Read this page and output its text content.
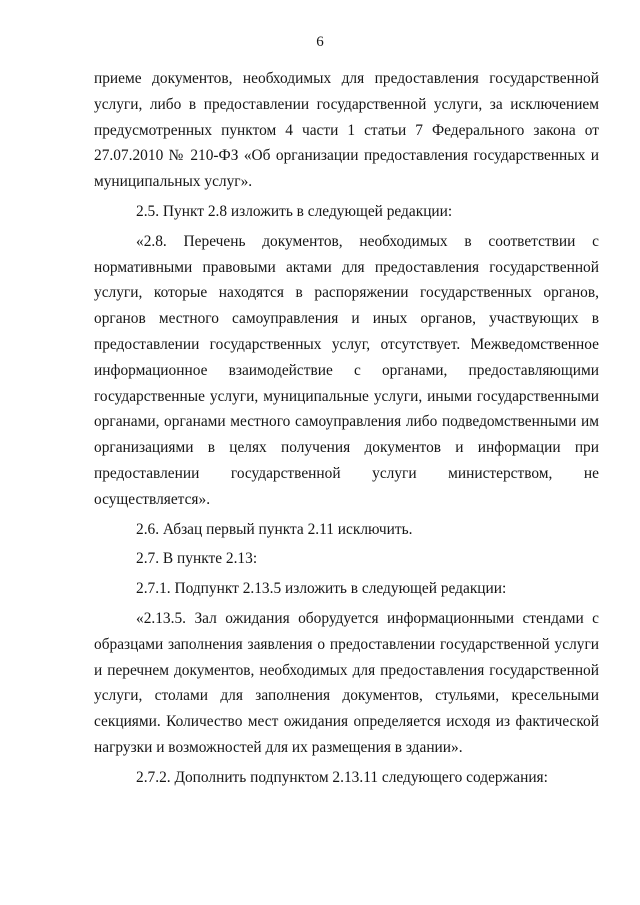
6

приеме документов, необходимых для предоставления государственной услуги, либо в предоставлении государственной услуги, за исключением предусмотренных пунктом 4 части 1 статьи 7 Федерального закона от 27.07.2010 № 210-ФЗ «Об организации предоставления государственных и муниципальных услуг».

2.5. Пункт 2.8 изложить в следующей редакции:

«2.8. Перечень документов, необходимых в соответствии с нормативными правовыми актами для предоставления государственной услуги, которые находятся в распоряжении государственных органов, органов местного самоуправления и иных органов, участвующих в предоставлении государственных услуг, отсутствует. Межведомственное информационное взаимодействие с органами, предоставляющими государственные услуги, муниципальные услуги, иными государственными органами, органами местного самоуправления либо подведомственными им организациями в целях получения документов и информации при предоставлении государственной услуги министерством, не осуществляется».

2.6. Абзац первый пункта 2.11 исключить.

2.7. В пункте 2.13:

2.7.1. Подпункт 2.13.5 изложить в следующей редакции:

«2.13.5. Зал ожидания оборудуется информационными стендами с образцами заполнения заявления о предоставлении государственной услуги и перечнем документов, необходимых для предоставления государственной услуги, столами для заполнения документов, стульями, кресельными секциями. Количество мест ожидания определяется исходя из фактической нагрузки и возможностей для их размещения в здании».

2.7.2. Дополнить подпунктом 2.13.11 следующего содержания:
